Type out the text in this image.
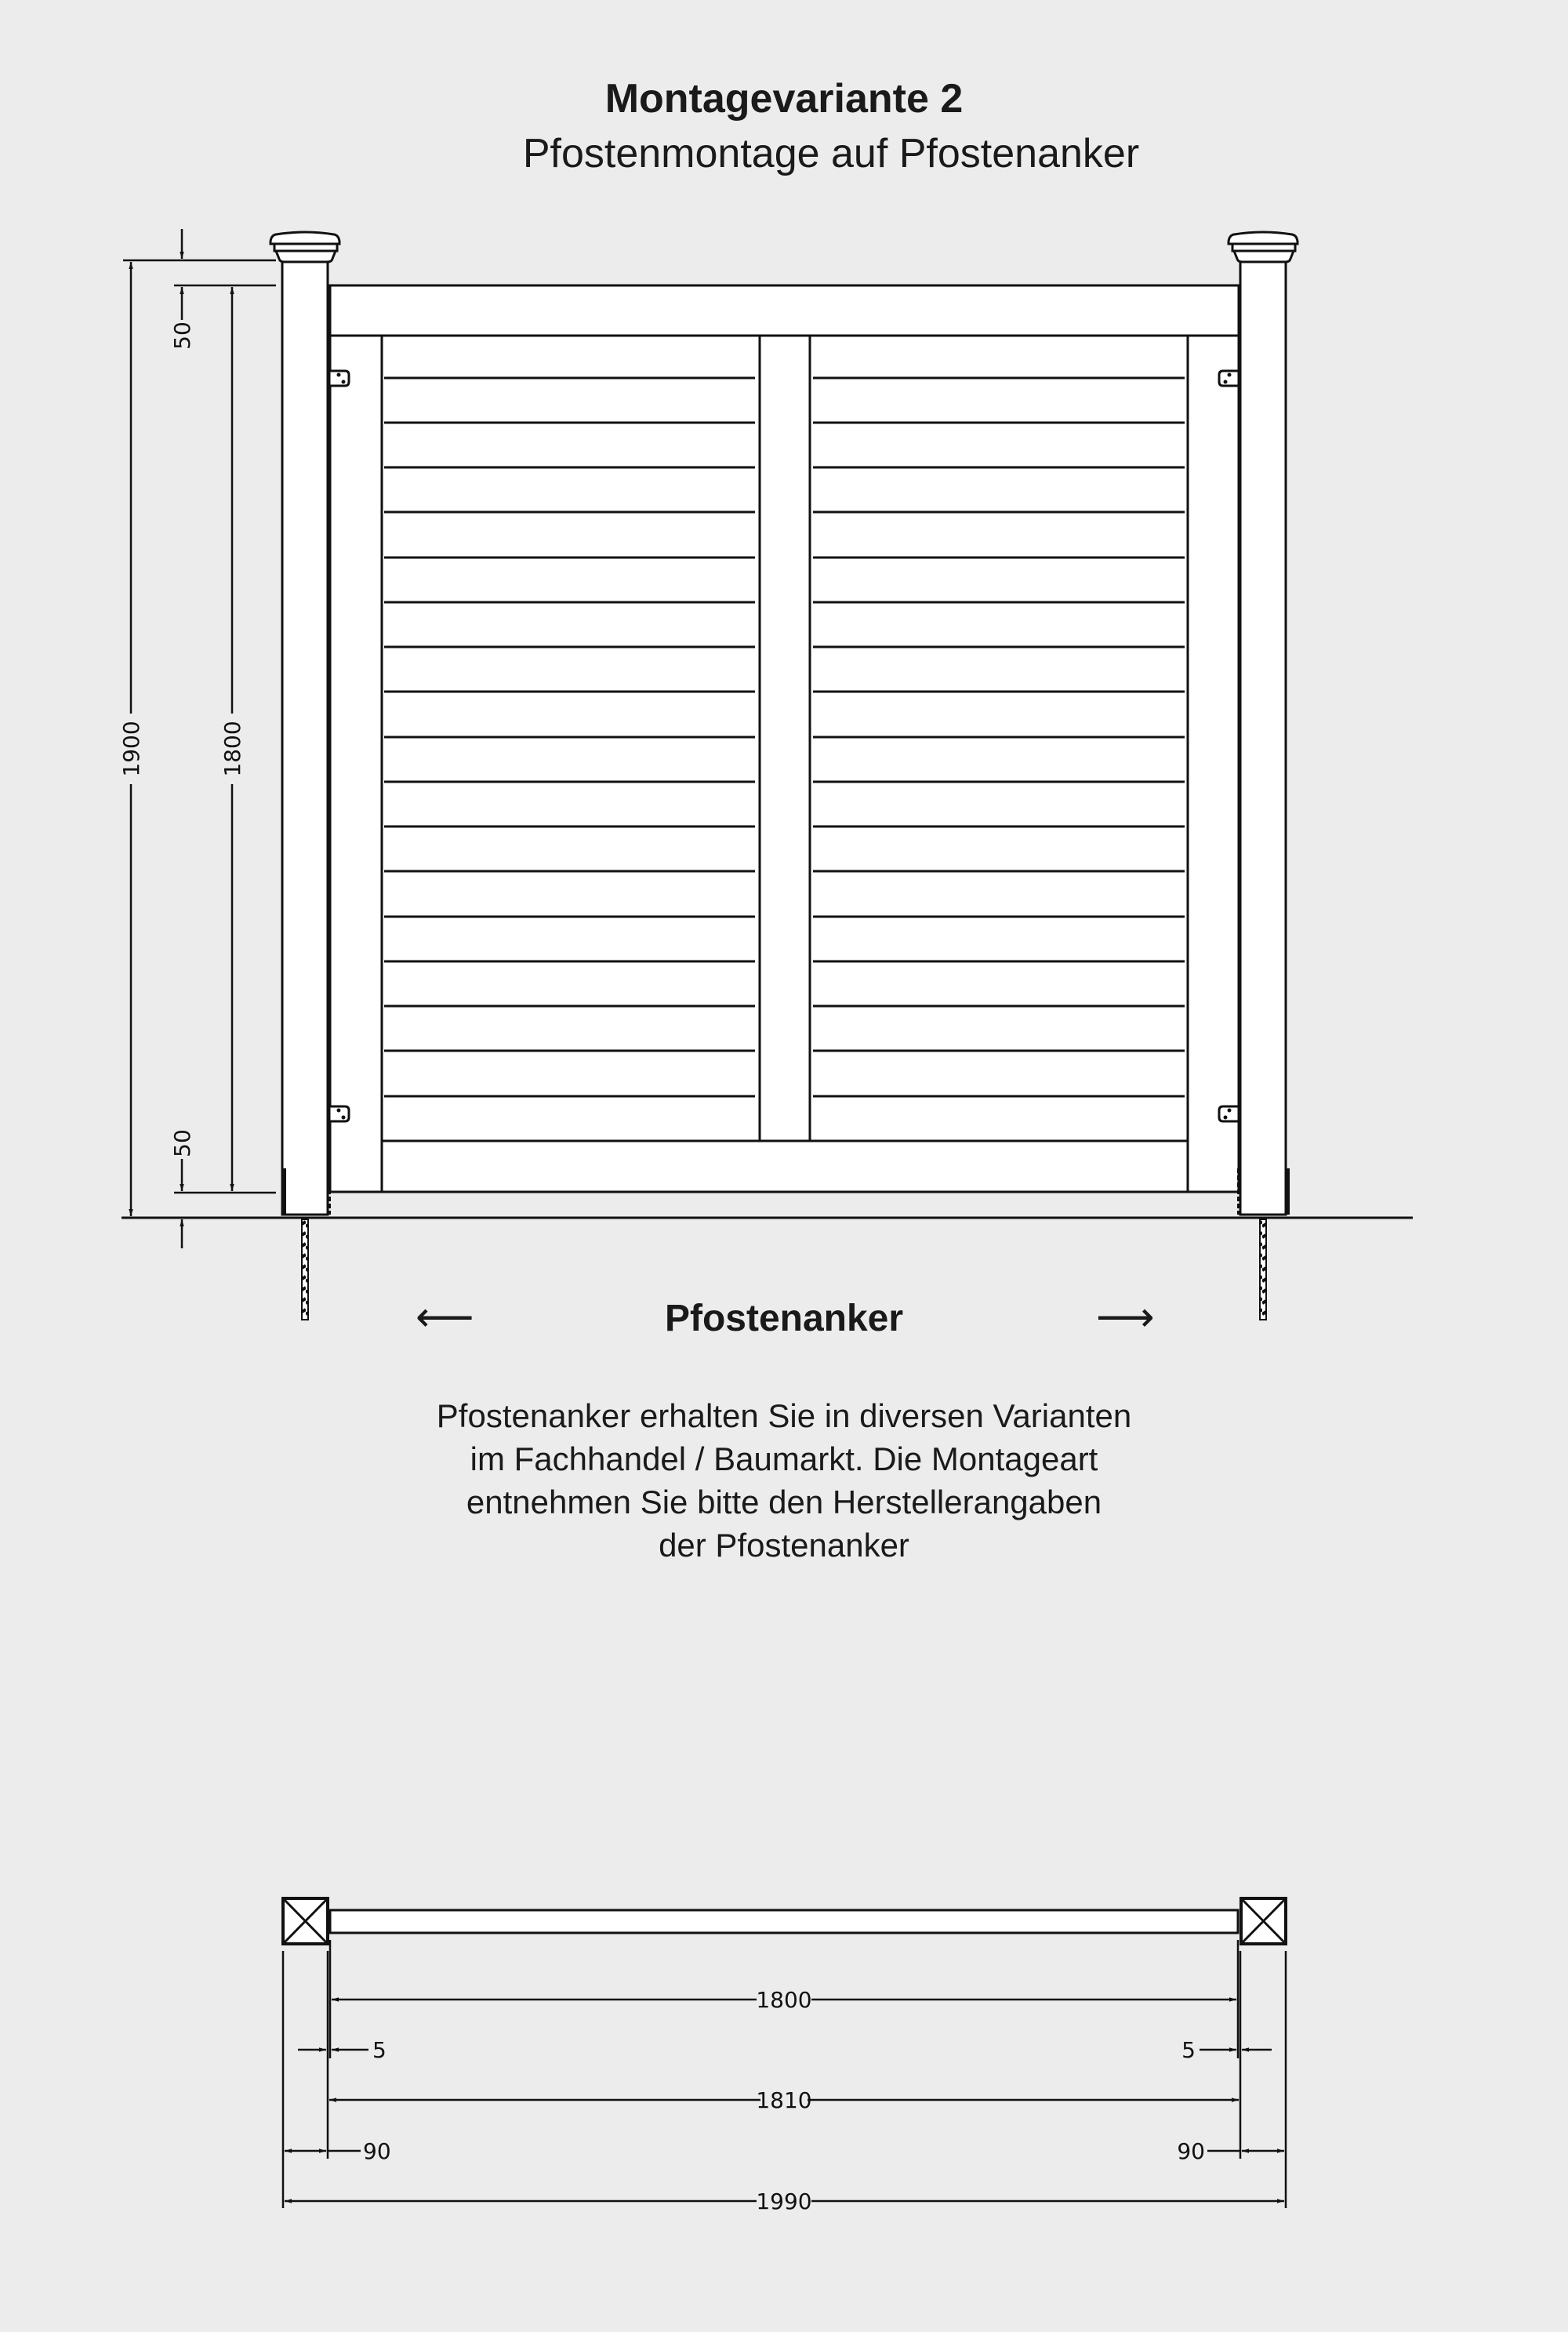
Montagevariante 2
Pfostenmontage auf Pfostenanker
1900	1800
50
50
1800
5	5
1810
90	90
1990
⟵	Pfostenanker	⟶
Pfostenanker erhalten Sie in diversen Varianten
im Fachhandel / Baumarkt. Die Montageart
entnehmen Sie bitte den Herstellerangaben
der Pfostenanker
